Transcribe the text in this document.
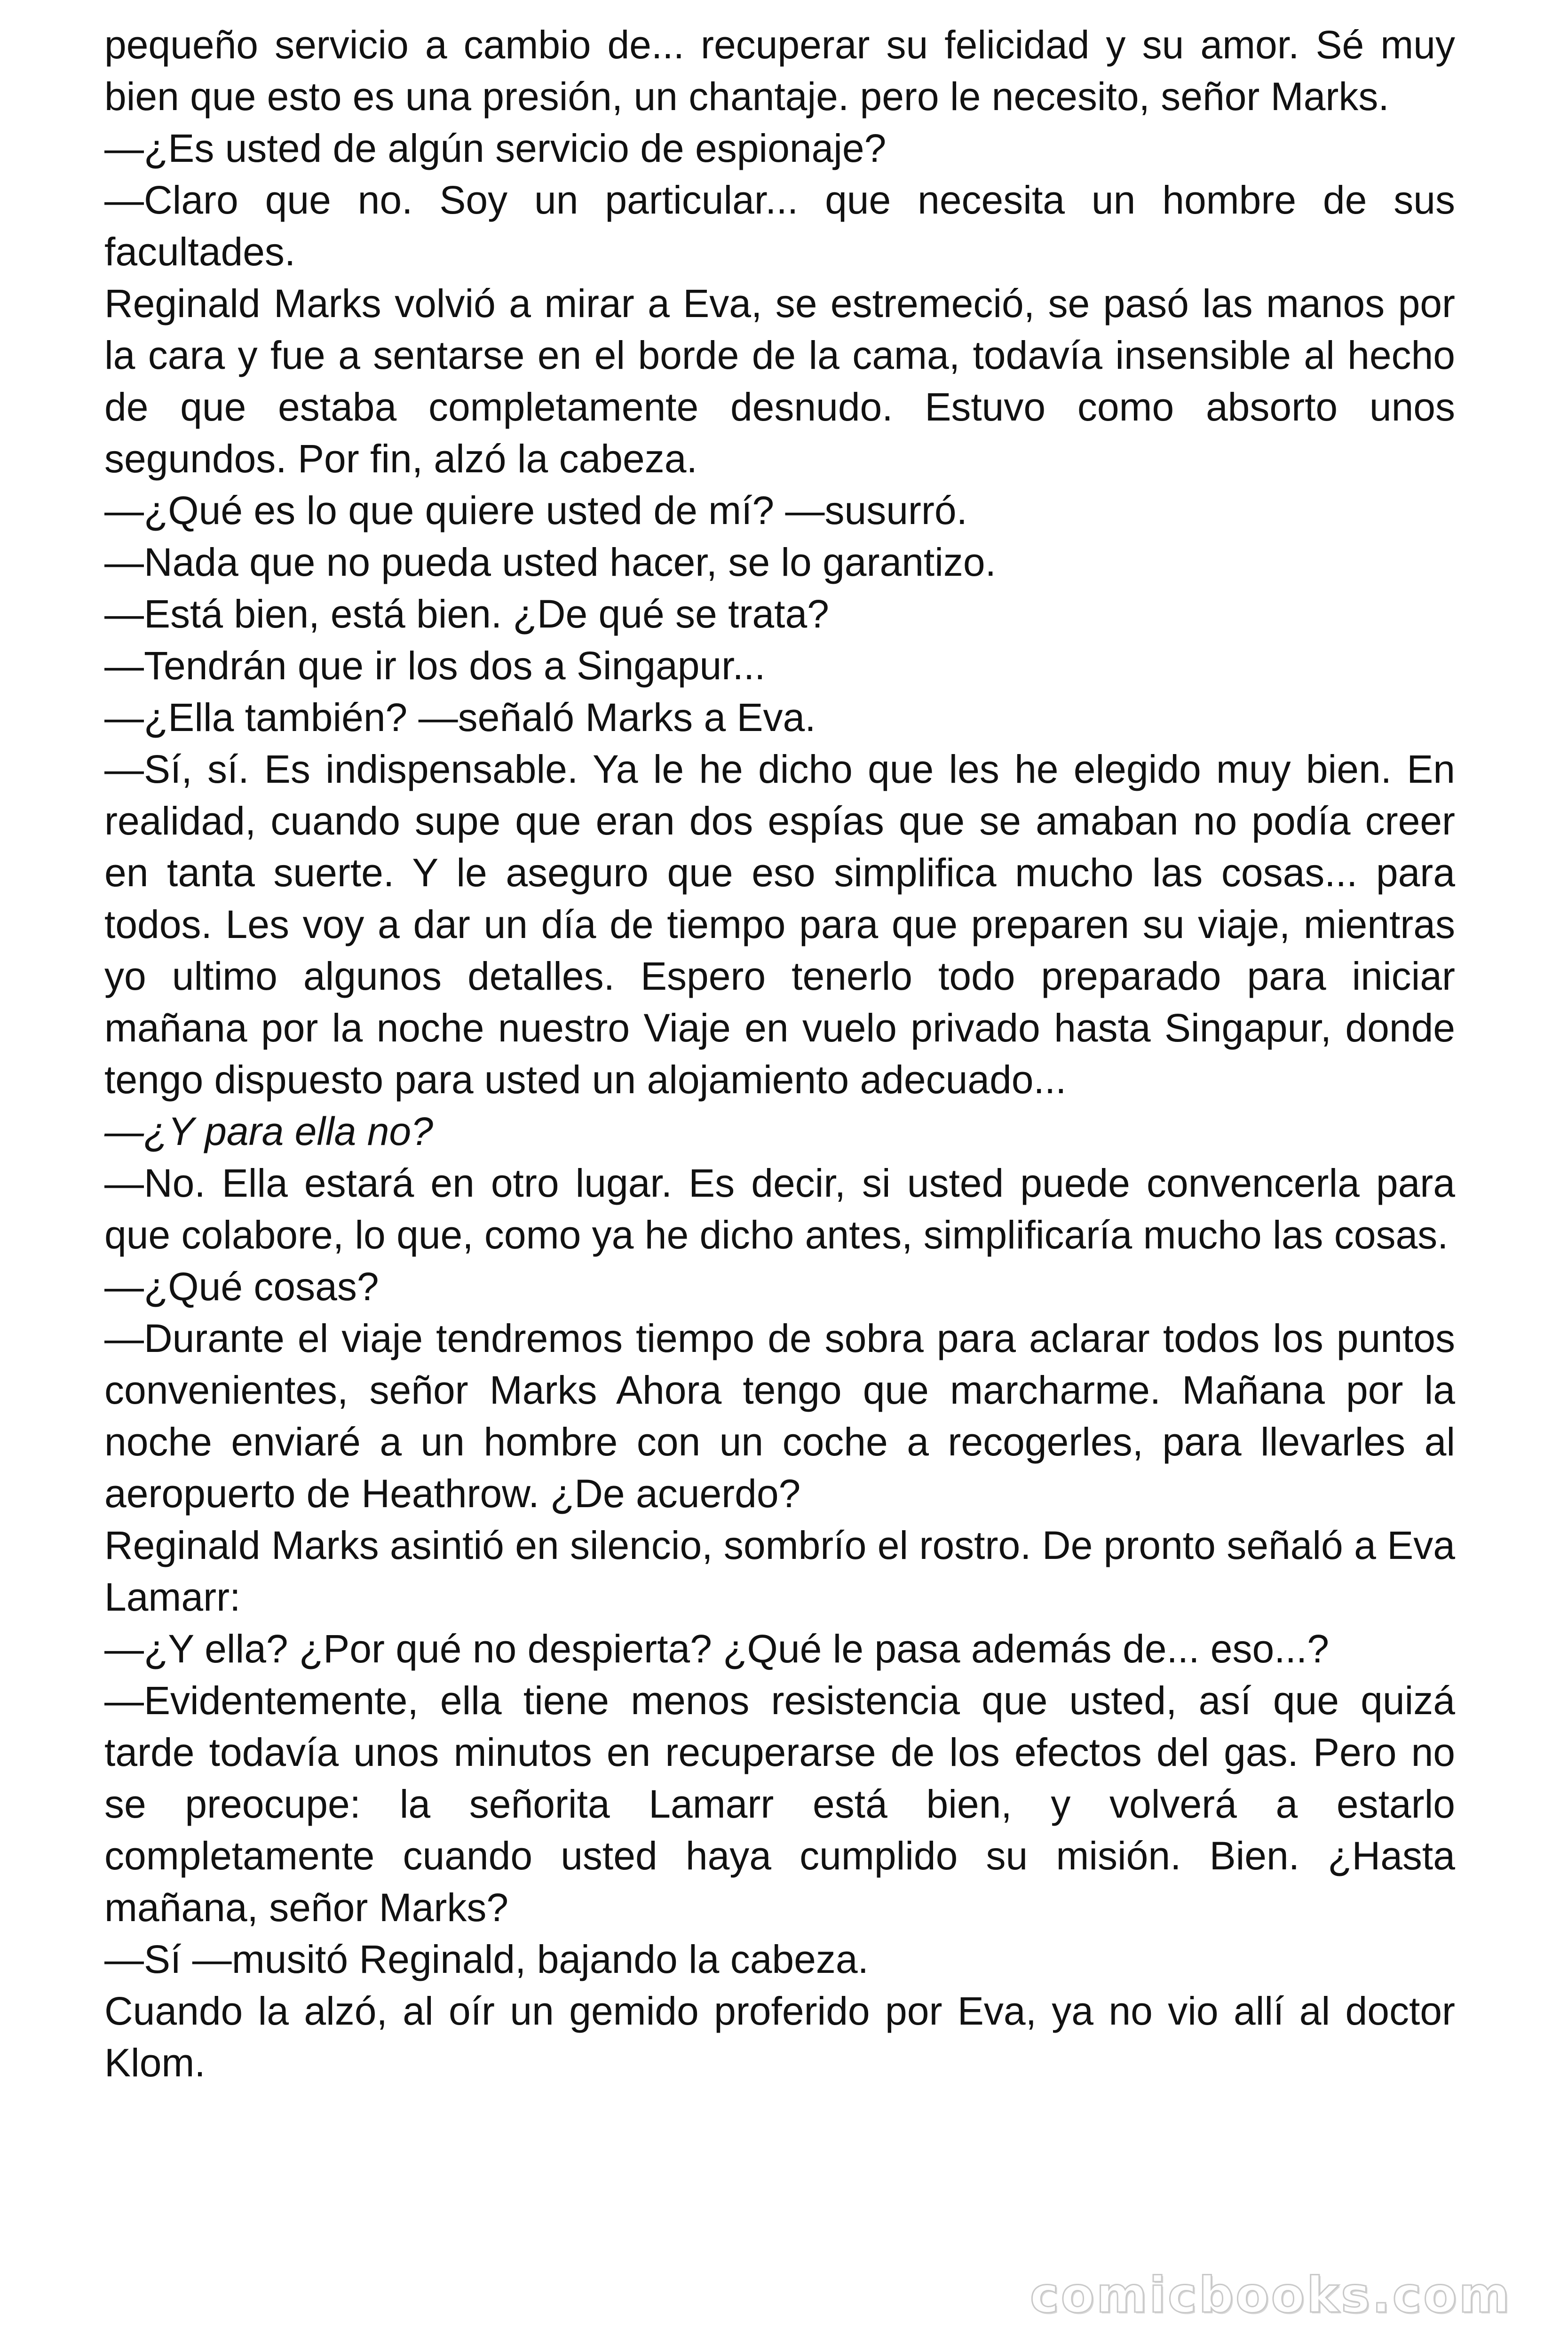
pequeño servicio a cambio de... recuperar su felicidad y su amor. Sé muy bien que esto es una presión, un chantaje. pero le necesito, señor Marks.

—¿Es usted de algún servicio de espionaje?

—Claro que no. Soy un particular... que necesita un hombre de sus facultades.

Reginald Marks volvió a mirar a Eva, se estremeció, se pasó las manos por la cara y fue a sentarse en el borde de la cama, todavía insensible al hecho de que estaba completamente desnudo. Estuvo como absorto unos segundos. Por fin, alzó la cabeza.

—¿Qué es lo que quiere usted de mí? —susurró.

—Nada que no pueda usted hacer, se lo garantizo.

—Está bien, está bien. ¿De qué se trata?

—Tendrán que ir los dos a Singapur...

—¿Ella también? —señaló Marks a Eva.

—Sí, sí. Es indispensable. Ya le he dicho que les he elegido muy bien. En realidad, cuando supe que eran dos espías que se amaban no podía creer en tanta suerte. Y le aseguro que eso simplifica mucho las cosas... para todos. Les voy a dar un día de tiempo para que preparen su viaje, mientras yo ultimo algunos detalles. Espero tenerlo todo preparado para iniciar mañana por la noche nuestro Viaje en vuelo privado hasta Singapur, donde tengo dispuesto para usted un alojamiento adecuado...

—¿Y para ella no?

—No. Ella estará en otro lugar. Es decir, si usted puede convencerla para que colabore, lo que, como ya he dicho antes, simplificaría mucho las cosas.

—¿Qué cosas?

—Durante el viaje tendremos tiempo de sobra para aclarar todos los puntos convenientes, señor Marks Ahora tengo que marcharme. Mañana por la noche enviaré a un hombre con un coche a recogerles, para llevarles al aeropuerto de Heathrow. ¿De acuerdo?

Reginald Marks asintió en silencio, sombrío el rostro. De pronto señaló a Eva Lamarr:

—¿Y ella? ¿Por qué no despierta? ¿Qué le pasa además de... eso...?

—Evidentemente, ella tiene menos resistencia que usted, así que quizá tarde todavía unos minutos en recuperarse de los efectos del gas. Pero no se preocupe: la señorita Lamarr está bien, y volverá a estarlo completamente cuando usted haya cumplido su misión. Bien. ¿Hasta mañana, señor Marks?

—Sí —musitó Reginald, bajando la cabeza.

Cuando la alzó, al oír un gemido proferido por Eva, ya no vio allí al doctor Klom.

comicbooks.com
